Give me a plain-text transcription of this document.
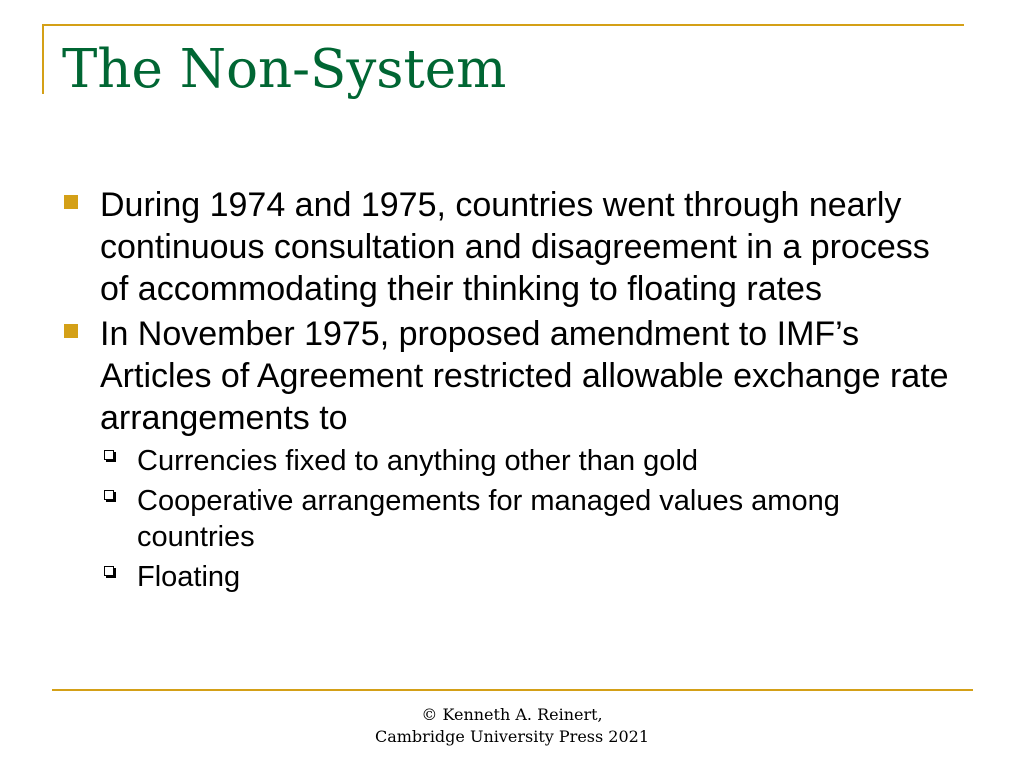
The Non-System
During 1974 and 1975, countries went through nearly continuous consultation and disagreement in a process of accommodating their thinking to floating rates
In November 1975, proposed amendment to IMF’s Articles of Agreement restricted allowable exchange rate arrangements to
Currencies fixed to anything other than gold
Cooperative arrangements for managed values among countries
Floating
© Kenneth A. Reinert,
Cambridge University Press 2021
